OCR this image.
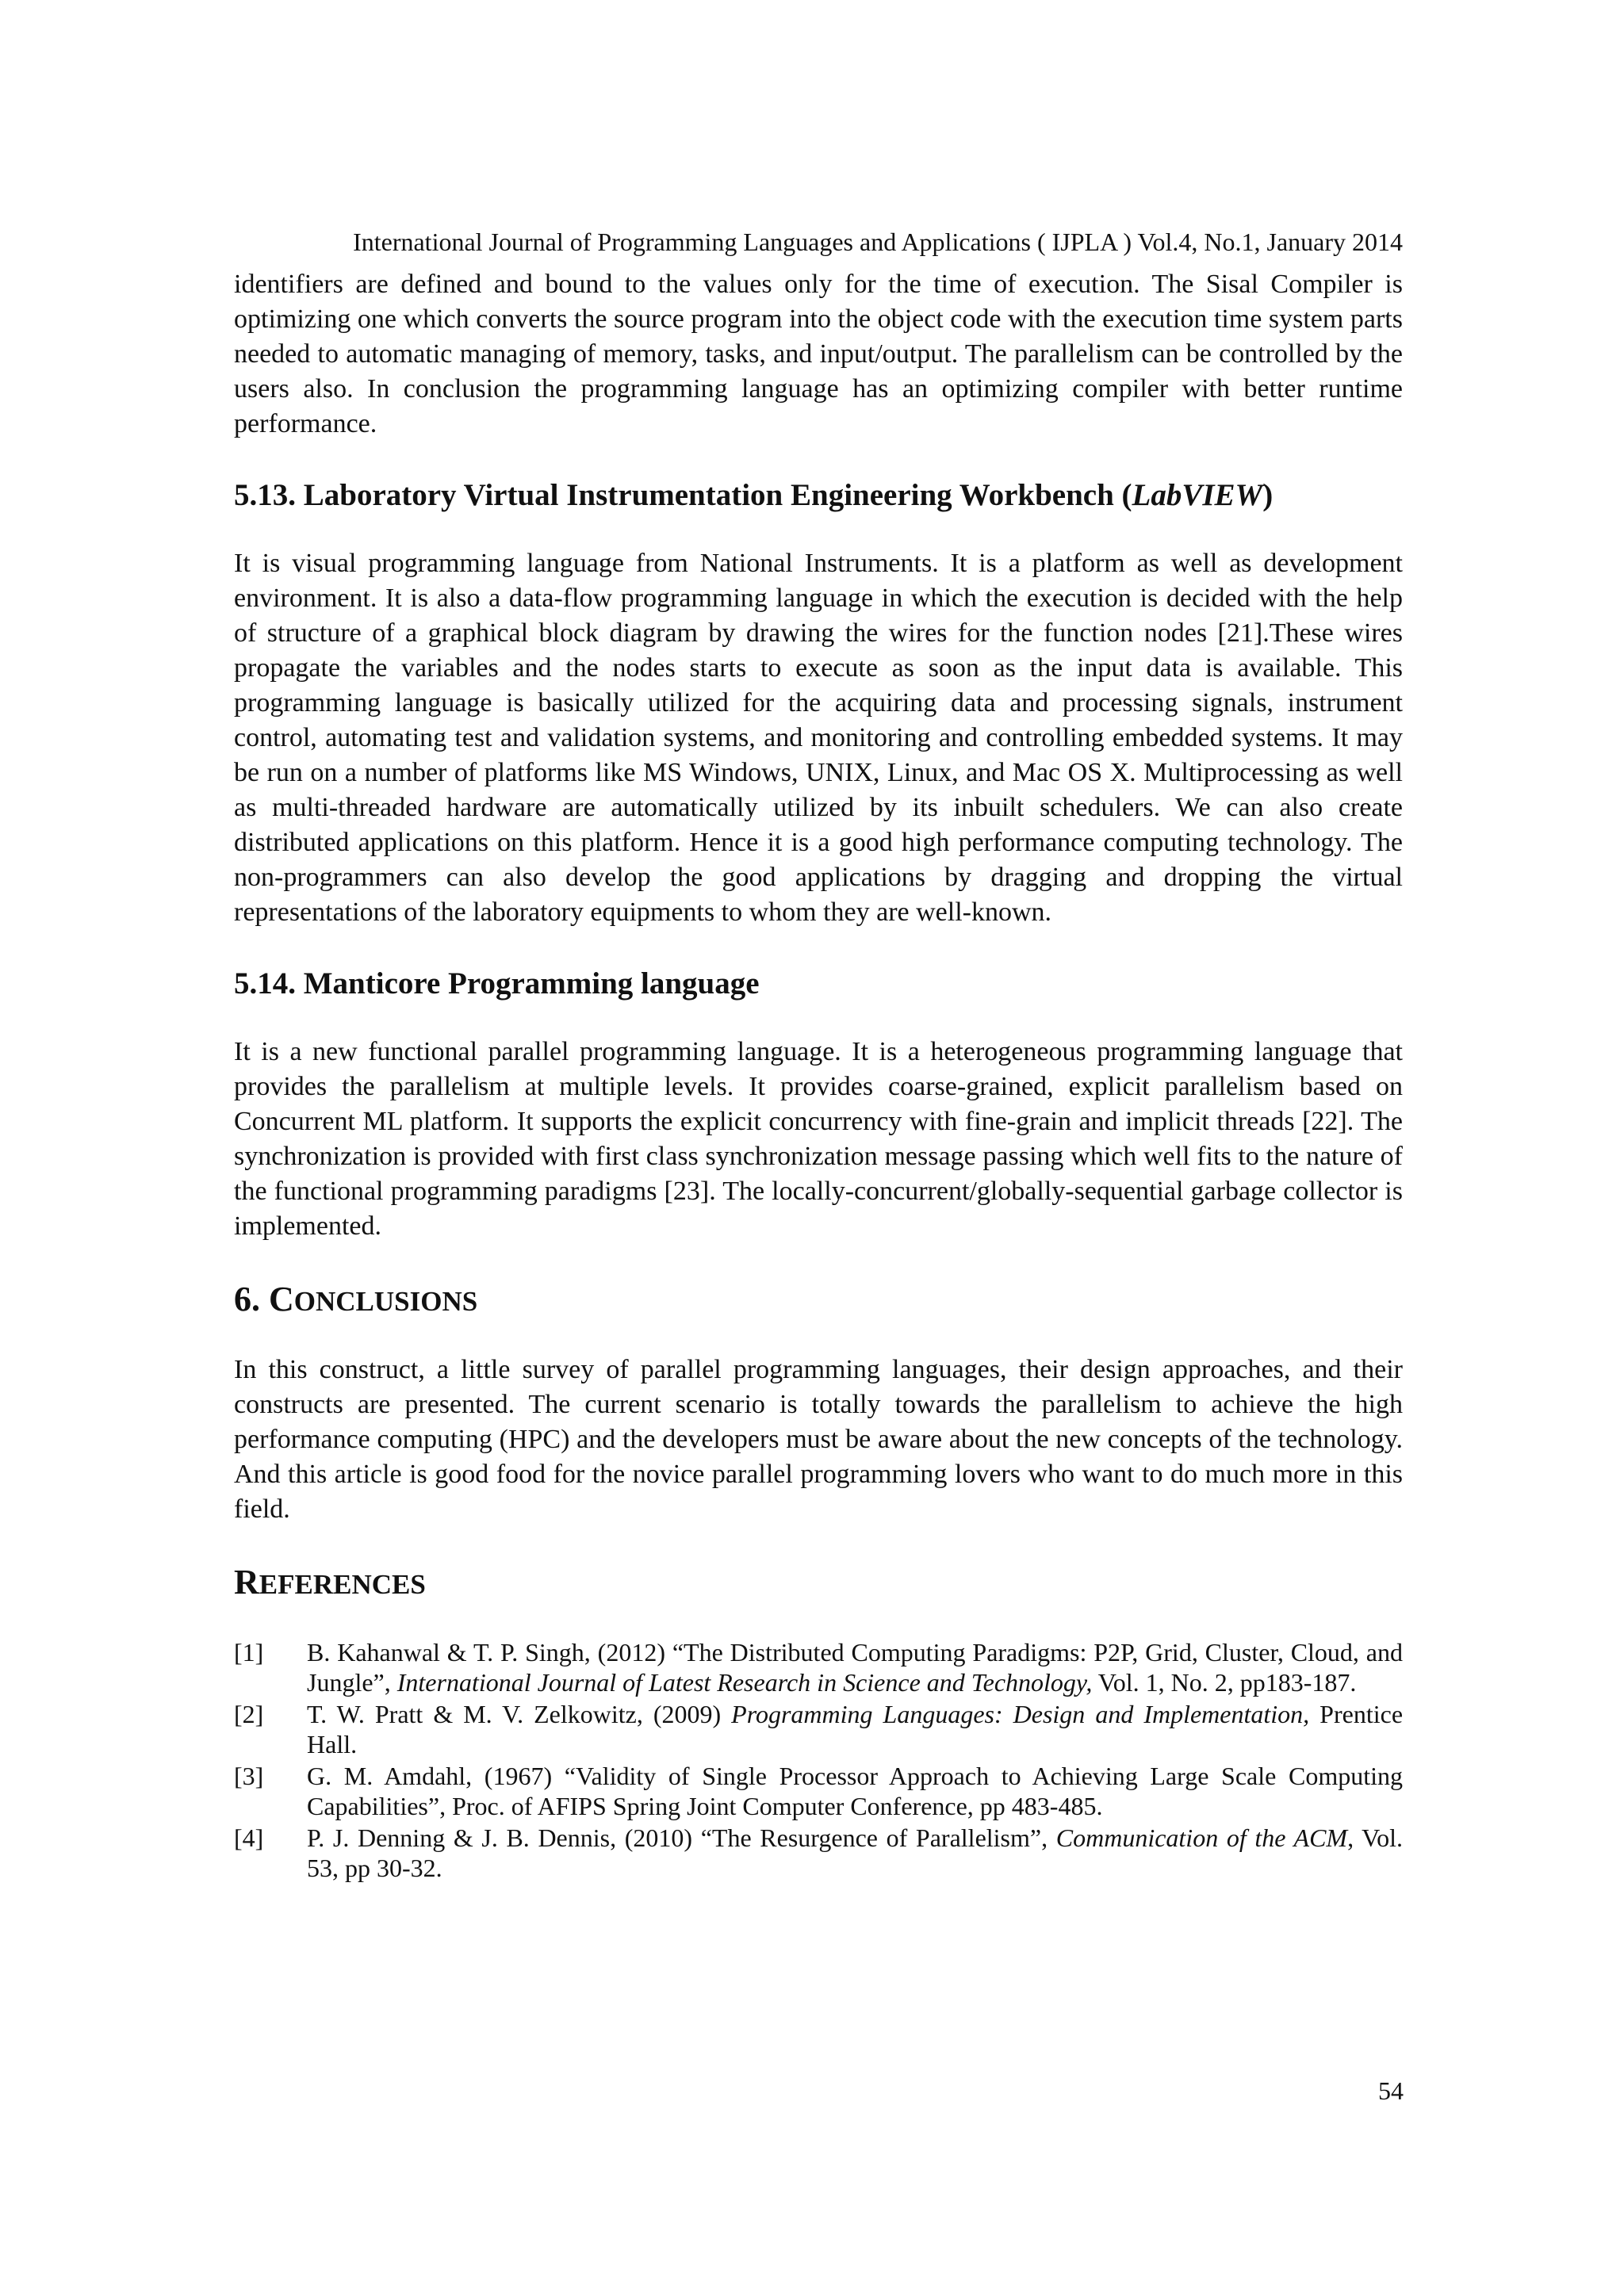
International Journal of Programming Languages and Applications ( IJPLA ) Vol.4, No.1, January 2014

identifiers are defined and bound to the values only for the time of execution. The Sisal Compiler is optimizing one which converts the source program into the object code with the execution time system parts needed to automatic managing of memory, tasks, and input/output. The parallelism can be controlled by the users also. In conclusion the programming language has an optimizing compiler with better runtime performance.

5.13. Laboratory Virtual Instrumentation Engineering Workbench (LabVIEW)

It is visual programming language from National Instruments. It is a platform as well as development environment. It is also a data-flow programming language in which the execution is decided with the help of structure of a graphical block diagram by drawing the wires for the function nodes [21].These wires propagate the variables and the nodes starts to execute as soon as the input data is available. This programming language is basically utilized for the acquiring data and processing signals, instrument control, automating test and validation systems, and monitoring and controlling embedded systems. It may be run on a number of platforms like MS Windows, UNIX, Linux, and Mac OS X. Multiprocessing as well as multi-threaded hardware are automatically utilized by its inbuilt schedulers. We can also create distributed applications on this platform. Hence it is a good high performance computing technology. The non-programmers can also develop the good applications by dragging and dropping the virtual representations of the laboratory equipments to whom they are well-known.

5.14. Manticore Programming language

It is a new functional parallel programming language. It is a heterogeneous programming language that provides the parallelism at multiple levels. It provides coarse-grained, explicit parallelism based on Concurrent ML platform. It supports the explicit concurrency with fine-grain and implicit threads [22]. The synchronization is provided with first class synchronization message passing which well fits to the nature of the functional programming paradigms [23]. The locally-concurrent/globally-sequential garbage collector is implemented.

6. CONCLUSIONS

In this construct, a little survey of parallel programming languages, their design approaches, and their constructs are presented. The current scenario is totally towards the parallelism to achieve the high performance computing (HPC) and the developers must be aware about the new concepts of the technology. And this article is good food for the novice parallel programming lovers who want to do much more in this field.

REFERENCES
[1]	B. Kahanwal & T. P. Singh, (2012) “The Distributed Computing Paradigms: P2P, Grid, Cluster, Cloud, and Jungle”, International Journal of Latest Research in Science and Technology, Vol. 1, No. 2, pp183-187.
[2]	T. W. Pratt & M. V. Zelkowitz, (2009) Programming Languages: Design and Implementation, Prentice Hall.
[3]	G. M. Amdahl, (1967) “Validity of Single Processor Approach to Achieving Large Scale Computing Capabilities”, Proc. of AFIPS Spring Joint Computer Conference, pp 483-485.
[4]	P. J. Denning & J. B. Dennis, (2010) “The Resurgence of Parallelism”, Communication of the ACM, Vol. 53, pp 30-32.
54
